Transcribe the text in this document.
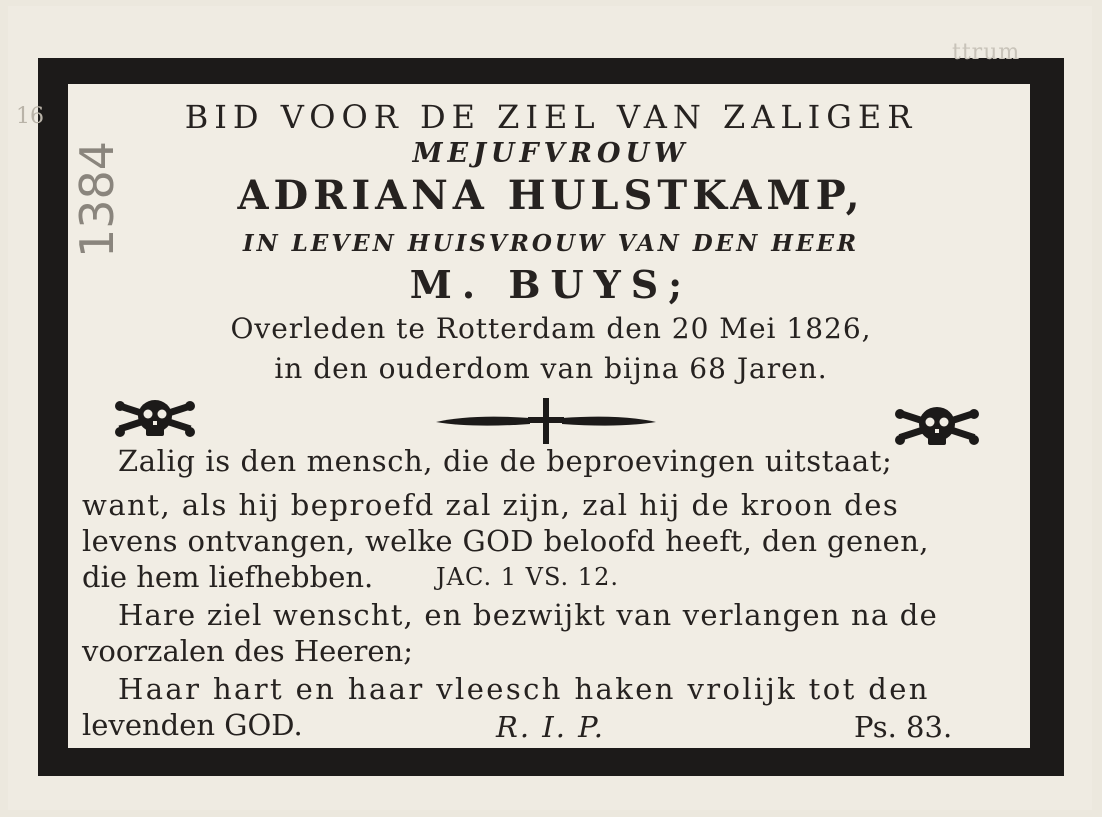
16
ttrum
1384
BID VOOR DE ZIEL VAN ZALIGER
MEJUFVROUW
ADRIANA HULSTKAMP,
IN LEVEN HUISVROUW VAN DEN HEER
M. BUYS;
Overleden te Rotterdam den 20 Mei 1826,
in den ouderdom van bijna 68 Jaren.
Zalig is den mensch, die de beproevingen uitstaat;
want, als hij beproefd zal zijn, zal hij de kroon des
levens ontvangen, welke GOD beloofd heeft, den genen,
die hem liefhebben.	JAC. 1 VS. 12.
Hare ziel wenscht, en bezwijkt van verlangen na de
voorzalen des Heeren;
Haar hart en haar vleesch haken vrolijk tot den
levenden GOD.	R. I. P.	Ps. 83.
